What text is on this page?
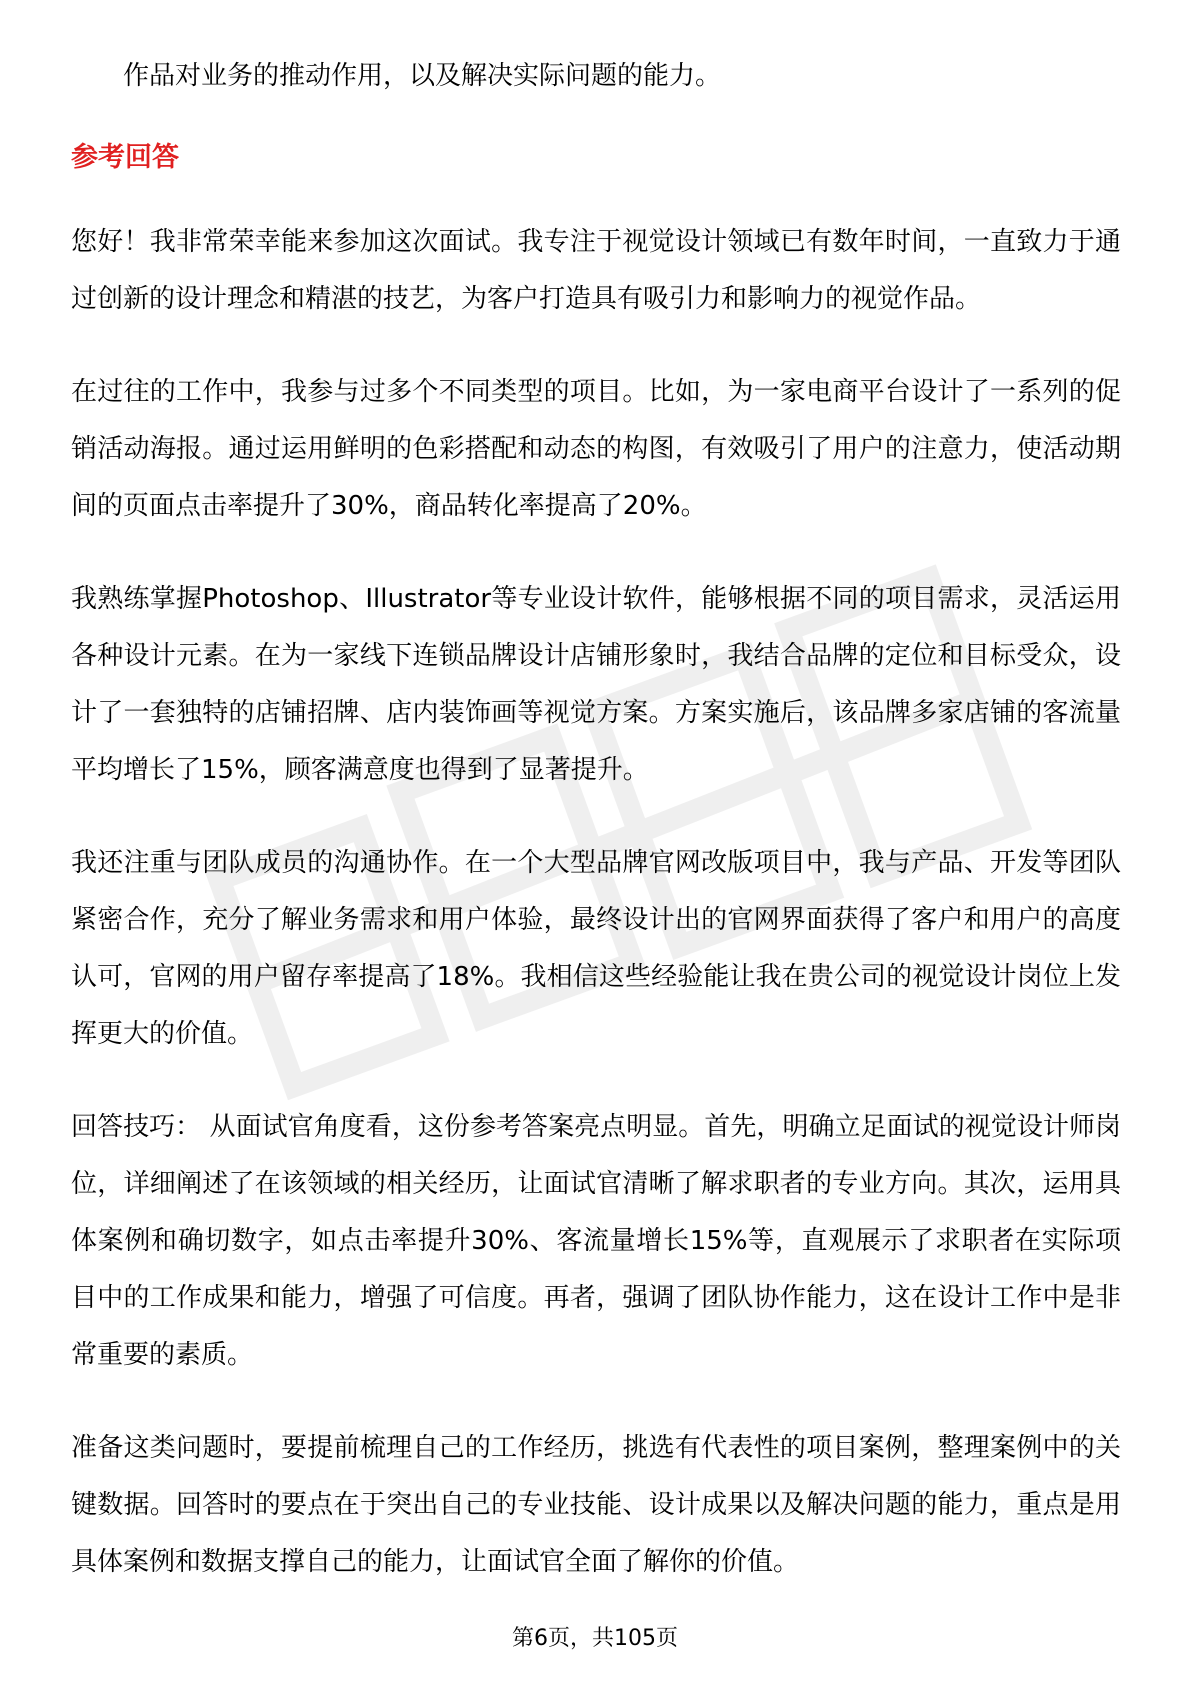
作品对业务的推动作用，以及解决实际问题的能力。

参考回答

您好！我非常荣幸能来参加这次面试。我专注于视觉设计领域已有数年时间，一直致力于通过创新的设计理念和精湛的技艺，为客户打造具有吸引力和影响力的视觉作品。

在过往的工作中，我参与过多个不同类型的项目。比如，为一家电商平台设计了一系列的促销活动海报。通过运用鲜明的色彩搭配和动态的构图，有效吸引了用户的注意力，使活动期间的页面点击率提升了30%，商品转化率提高了20%。

我熟练掌握Photoshop、Illustrator等专业设计软件，能够根据不同的项目需求，灵活运用各种设计元素。在为一家线下连锁品牌设计店铺形象时，我结合品牌的定位和目标受众，设计了一套独特的店铺招牌、店内装饰画等视觉方案。方案实施后，该品牌多家店铺的客流量平均增长了15%，顾客满意度也得到了显著提升。

我还注重与团队成员的沟通协作。在一个大型品牌官网改版项目中，我与产品、开发等团队紧密合作，充分了解业务需求和用户体验，最终设计出的官网界面获得了客户和用户的高度认可，官网的用户留存率提高了18%。我相信这些经验能让我在贵公司的视觉设计岗位上发挥更大的价值。

回答技巧： 从面试官角度看，这份参考答案亮点明显。首先，明确立足面试的视觉设计师岗位，详细阐述了在该领域的相关经历，让面试官清晰了解求职者的专业方向。其次，运用具体案例和确切数字，如点击率提升30%、客流量增长15%等，直观展示了求职者在实际项目中的工作成果和能力，增强了可信度。再者，强调了团队协作能力，这在设计工作中是非常重要的素质。

准备这类问题时，要提前梳理自己的工作经历，挑选有代表性的项目案例，整理案例中的关键数据。回答时的要点在于突出自己的专业技能、设计成果以及解决问题的能力，重点是用具体案例和数据支撑自己的能力，让面试官全面了解你的价值。

第6页，共105页
